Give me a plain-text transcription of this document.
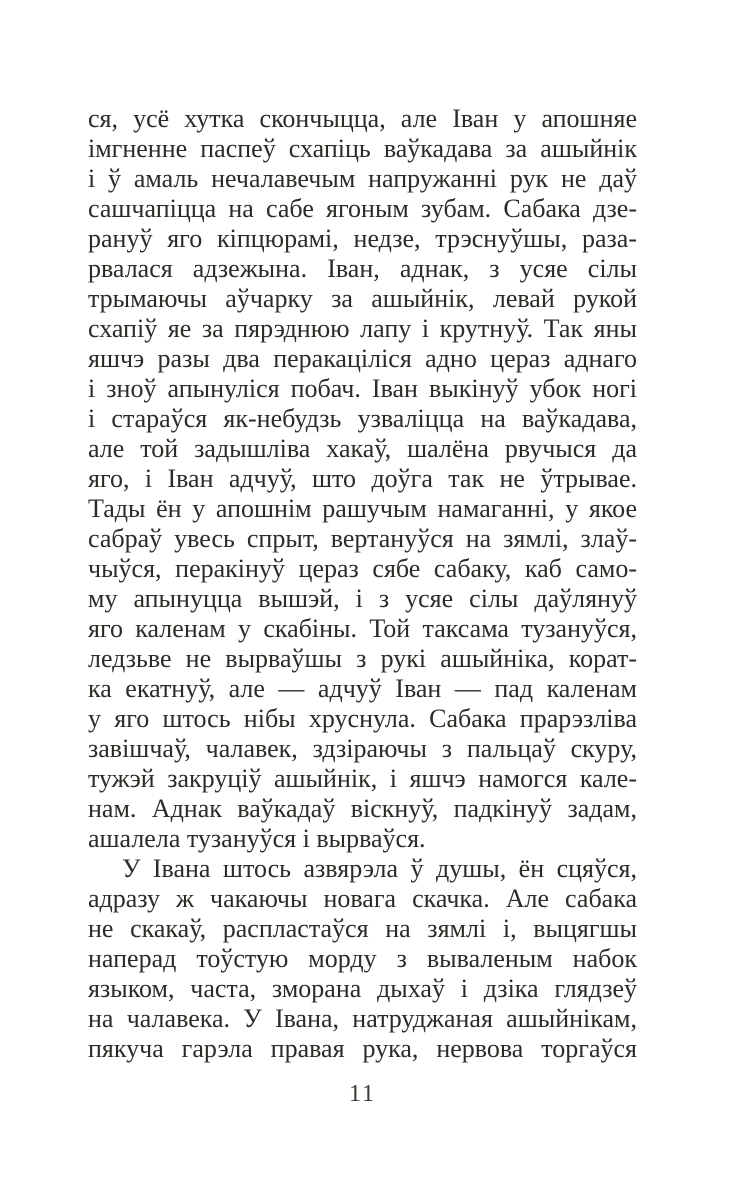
ся, усё хутка скончыцца, але Іван у апошняе
імгненне паспеў схапіць ваўкадава за ашыйнік
і ў амаль нечалавечым напружанні рук не даў
сашчапіцца на сабе ягоным зубам. Сабака дзе-
рануў яго кіпцюрамі, недзе, трэснуўшы, раза-
рвалася адзежына. Іван, аднак, з усяе сілы
трымаючы аўчарку за ашыйнік, левай рукой
схапіў яе за пярэднюю лапу і крутнуў. Так яны
яшчэ разы два перакаціліся адно цераз аднаго
і зноў апынуліся побач. Іван выкінуў убок ногі
і стараўся як-небудзь узваліцца на ваўкадава,
але той задышліва хакаў, шалёна рвучыся да
яго, і Іван адчуў, што доўга так не ўтрывае.
Тады ён у апошнім рашучым намаганні, у якое
сабраў увесь спрыт, вертануўся на зямлі, злаў-
чыўся, перакінуў цераз сябе сабаку, каб само-
му апынуцца вышэй, і з усяе сілы даўлянуў
яго каленам у скабіны. Той таксама тузануўся,
ледзьве не вырваўшы з рукі ашыйніка, корат-
ка екатнуў, але — адчуў Іван — пад каленам
у яго штось нібы хруснула. Сабака прарэзліва
завішчаў, чалавек, здзіраючы з пальцаў скуру,
тужэй закруціў ашыйнік, і яшчэ намогся кале-
нам. Аднак ваўкадаў віскнуў, падкінуў задам,
ашалела тузануўся і вырваўся.
У Івана штось азвярэла ў душы, ён сцяўся,
адразу ж чакаючы новага скачка. Але сабака
не скакаў, распластаўся на зямлі і, выцягшы
наперад тоўстую морду з вываленым набок
языком, часта, зморана дыхаў і дзіка глядзеў
на чалавека. У Івана, натруджаная ашыйнікам,
пякуча гарэла правая рука, нервова торгаўся
11
